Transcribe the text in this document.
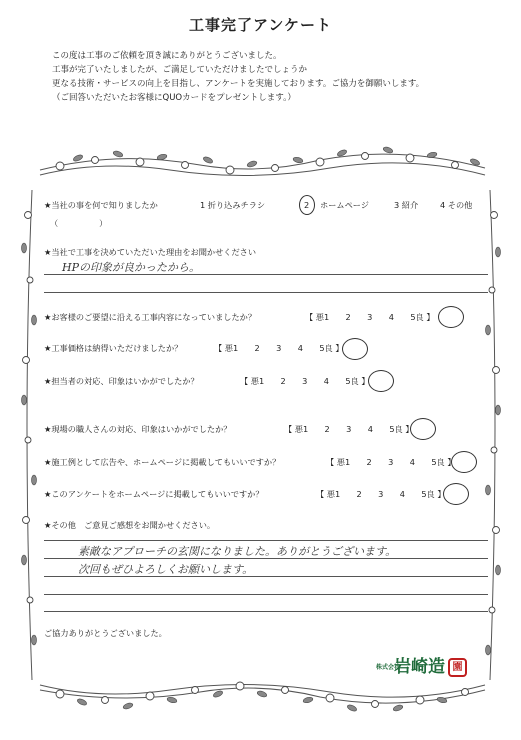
工事完了アンケート
この度は工事のご依頼を頂き誠にありがとうございました。
工事が完了いたしましたが、ご満足していただけましたでしょうか
更なる技術・サービスの向上を目指し、アンケートを実施しております。ご協力を御願いします。
（ご回答いただいたお客様にQUOカードをプレゼントします。）
★当社の事を何で知りましたか	1 折り込みチラシ	2 ホームページ	3 紹介	4 その他
（　　　　　）
★当社で工事を決めていただいた理由をお聞かせください
HPの印象が良かったから。
★お客様のご要望に沿える工事内容になっていましたか？	【 悪1　　2　　3　　4　　5良 】
★工事価格は納得いただけましたか？	【 悪1　　2　　3　　4　　5良 】
★担当者の対応、印象はいかがでしたか？	【 悪1　　2　　3　　4　　5良 】
★現場の職人さんの対応、印象はいかがでしたか？	【 悪1　　2　　3　　4　　5良 】
★施工例として広告や、ホームページに掲載してもいいですか？	【 悪1　　2　　3　　4　　5良 】
★このアンケートをホームページに掲載してもいいですか？	【 悪1　　2　　3　　4　　5良 】
★その他　ご意見ご感想をお聞かせください。
素敵なアプローチの玄関になりました。ありがとうございます。
次回もぜひよろしくお願いします。
ご協力ありがとうございました。
株式会社岩崎造 園
